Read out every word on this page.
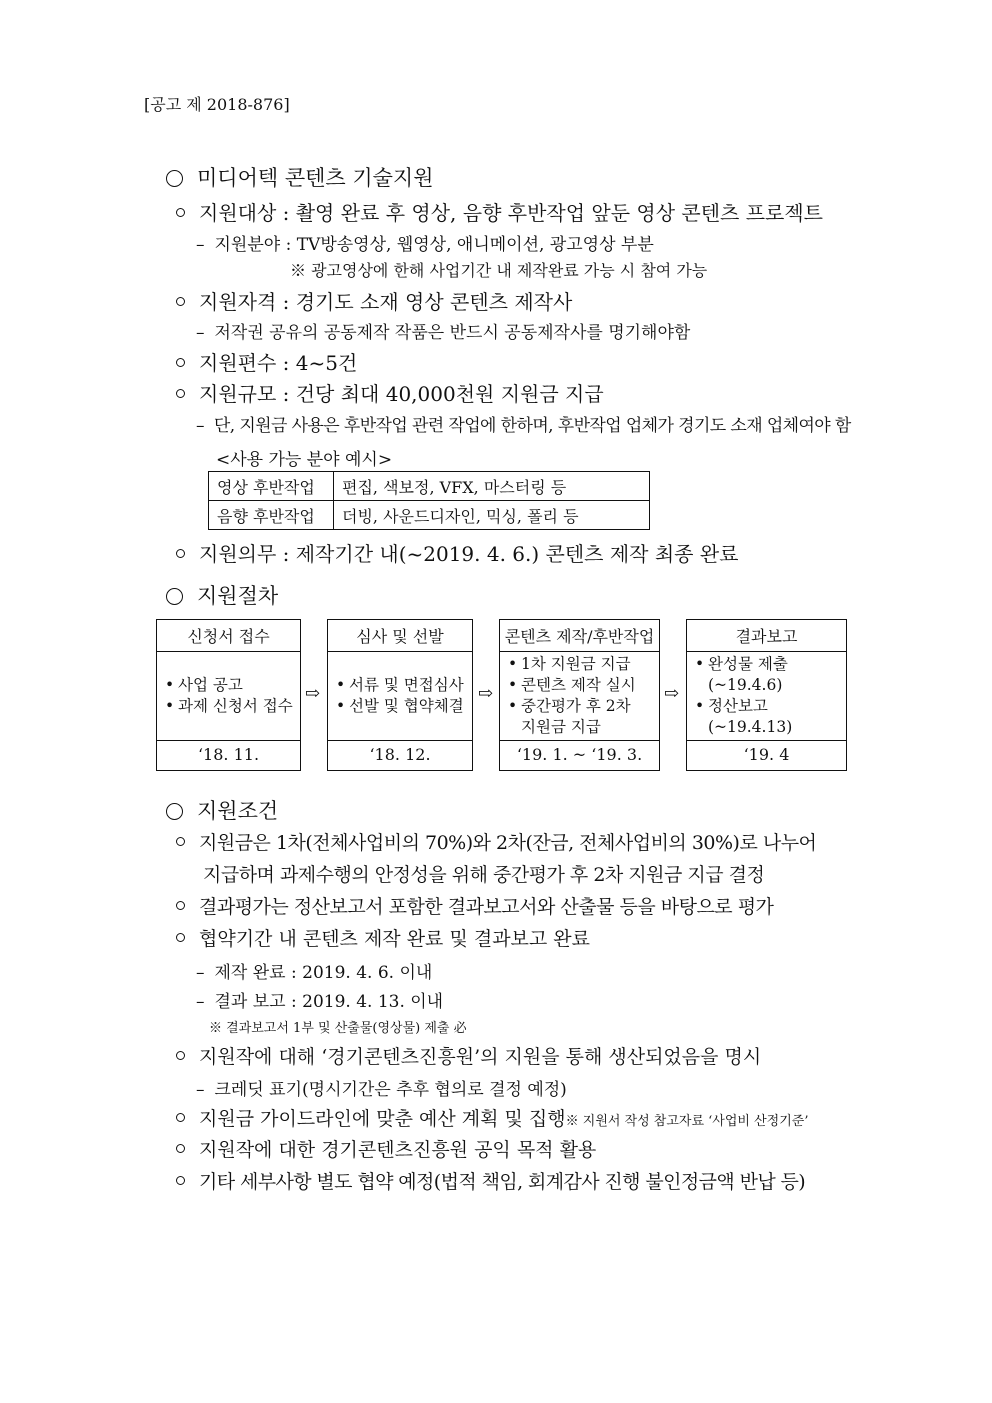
[공고 제 2018-876]
미디어텍 콘텐츠 기술지원
지원대상 : 촬영 완료 후 영상, 음향 후반작업 앞둔 영상 콘텐츠 프로젝트
– 지원분야 : TV방송영상, 웹영상, 애니메이션, 광고영상 부분
※ 광고영상에 한해 사업기간 내 제작완료 가능 시 참여 가능
지원자격 : 경기도 소재 영상 콘텐츠 제작사
– 저작권 공유의 공동제작 작품은 반드시 공동제작사를 명기해야함
지원편수 : 4~5건
지원규모 : 건당 최대 40,000천원 지원금 지급
– 단, 지원금 사용은 후반작업 관련 작업에 한하며, 후반작업 업체가 경기도 소재 업체여야 함
<사용 가능 분야 예시>
영상 후반작업	편집, 색보정, VFX, 마스터링 등
음향 후반작업	더빙, 사운드디자인, 믹싱, 폴리 등
지원의무 : 제작기간 내(~2019. 4. 6.) 콘텐츠 제작 최종 완료
지원절차
신청서 접수
• 사업 공고
• 과제 신청서 접수
‘18. 11.
⇨
심사 및 선발
• 서류 및 면접심사
• 선발 및 협약체결
‘18. 12.
⇨
콘텐츠 제작/후반작업
• 1차 지원금 지급
• 콘텐츠 제작 실시
• 중간평가 후 2차
지원금 지급
‘19. 1. ~ ‘19. 3.
⇨
결과보고
• 완성물 제출
(~19.4.6)
• 정산보고
(~19.4.13)
‘19. 4
지원조건
지원금은 1차(전체사업비의 70%)와 2차(잔금, 전체사업비의 30%)로 나누어
지급하며 과제수행의 안정성을 위해 중간평가 후 2차 지원금 지급 결정
결과평가는 정산보고서 포함한 결과보고서와 산출물 등을 바탕으로 평가
협약기간 내 콘텐츠 제작 완료 및 결과보고 완료
– 제작 완료 : 2019. 4. 6. 이내
– 결과 보고 : 2019. 4. 13. 이내
※ 결과보고서 1부 및 산출물(영상물) 제출 必
지원작에 대해 ‘경기콘텐츠진흥원’의 지원을 통해 생산되었음을 명시
– 크레딧 표기(명시기간은 추후 협의로 결정 예정)
지원금 가이드라인에 맞춘 예산 계획 및 집행※ 지원서 작성 참고자료 ‘사업비 산정기준’
지원작에 대한 경기콘텐츠진흥원 공익 목적 활용
기타 세부사항 별도 협약 예정(법적 책임, 회계감사 진행 불인정금액 반납 등)
